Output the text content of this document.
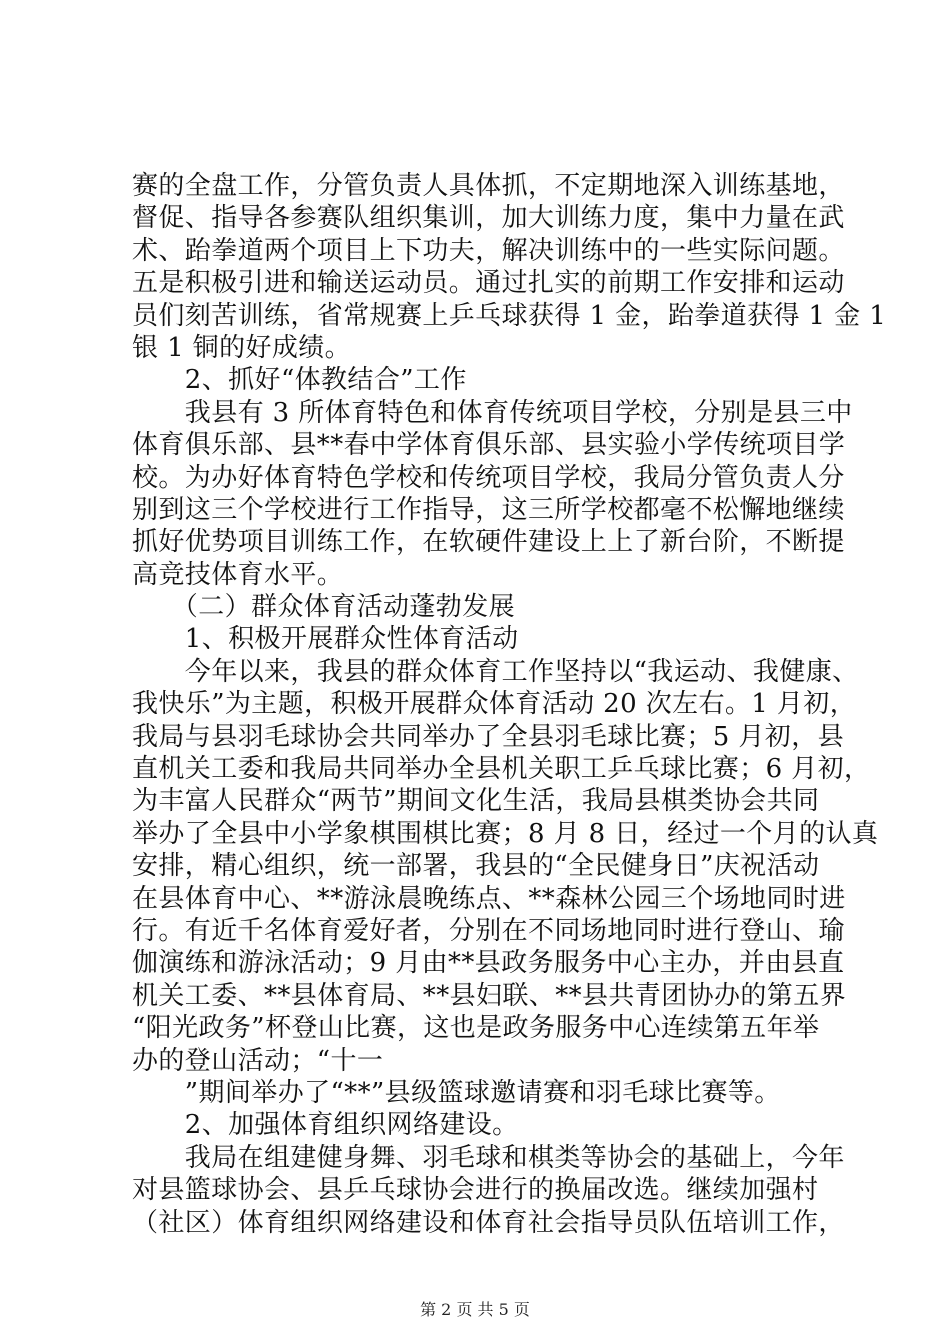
赛的全盘工作，分管负责人具体抓，不定期地深入训练基地，
督促、指导各参赛队组织集训，加大训练力度，集中力量在武
术、跆拳道两个项目上下功夫，解决训练中的一些实际问题。
五是积极引进和输送运动员。通过扎实的前期工作安排和运动
员们刻苦训练，省常规赛上乒乓球获得 1 金，跆拳道获得 1 金 1
银 1 铜的好成绩。
　　2、抓好“体教结合”工作
　　我县有 3 所体育特色和体育传统项目学校，分别是县三中
体育俱乐部、县**春中学体育俱乐部、县实验小学传统项目学
校。为办好体育特色学校和传统项目学校，我局分管负责人分
别到这三个学校进行工作指导，这三所学校都毫不松懈地继续
抓好优势项目训练工作，在软硬件建设上上了新台阶，不断提
高竞技体育水平。
　　（二）群众体育活动蓬勃发展
　　1、积极开展群众性体育活动
　　今年以来，我县的群众体育工作坚持以“我运动、我健康、
我快乐”为主题，积极开展群众体育活动 20 次左右。1 月初，
我局与县羽毛球协会共同举办了全县羽毛球比赛；5 月初，县
直机关工委和我局共同举办全县机关职工乒乓球比赛；6 月初，
为丰富人民群众“两节”期间文化生活，我局县棋类协会共同
举办了全县中小学象棋围棋比赛；8 月 8 日，经过一个月的认真
安排，精心组织，统一部署，我县的“全民健身日”庆祝活动
在县体育中心、**游泳晨晚练点、**森林公园三个场地同时进
行。有近千名体育爱好者，分别在不同场地同时进行登山、瑜
伽演练和游泳活动；9 月由**县政务服务中心主办，并由县直
机关工委、**县体育局、**县妇联、**县共青团协办的第五界
“阳光政务”杯登山比赛，这也是政务服务中心连续第五年举
办的登山活动；“十一
　　”期间举办了“**”县级篮球邀请赛和羽毛球比赛等。
　　2、加强体育组织网络建设。
　　我局在组建健身舞、羽毛球和棋类等协会的基础上，今年
对县篮球协会、县乒乓球协会进行的换届改选。继续加强村
（社区）体育组织网络建设和体育社会指导员队伍培训工作，
第 2 页 共 5 页
